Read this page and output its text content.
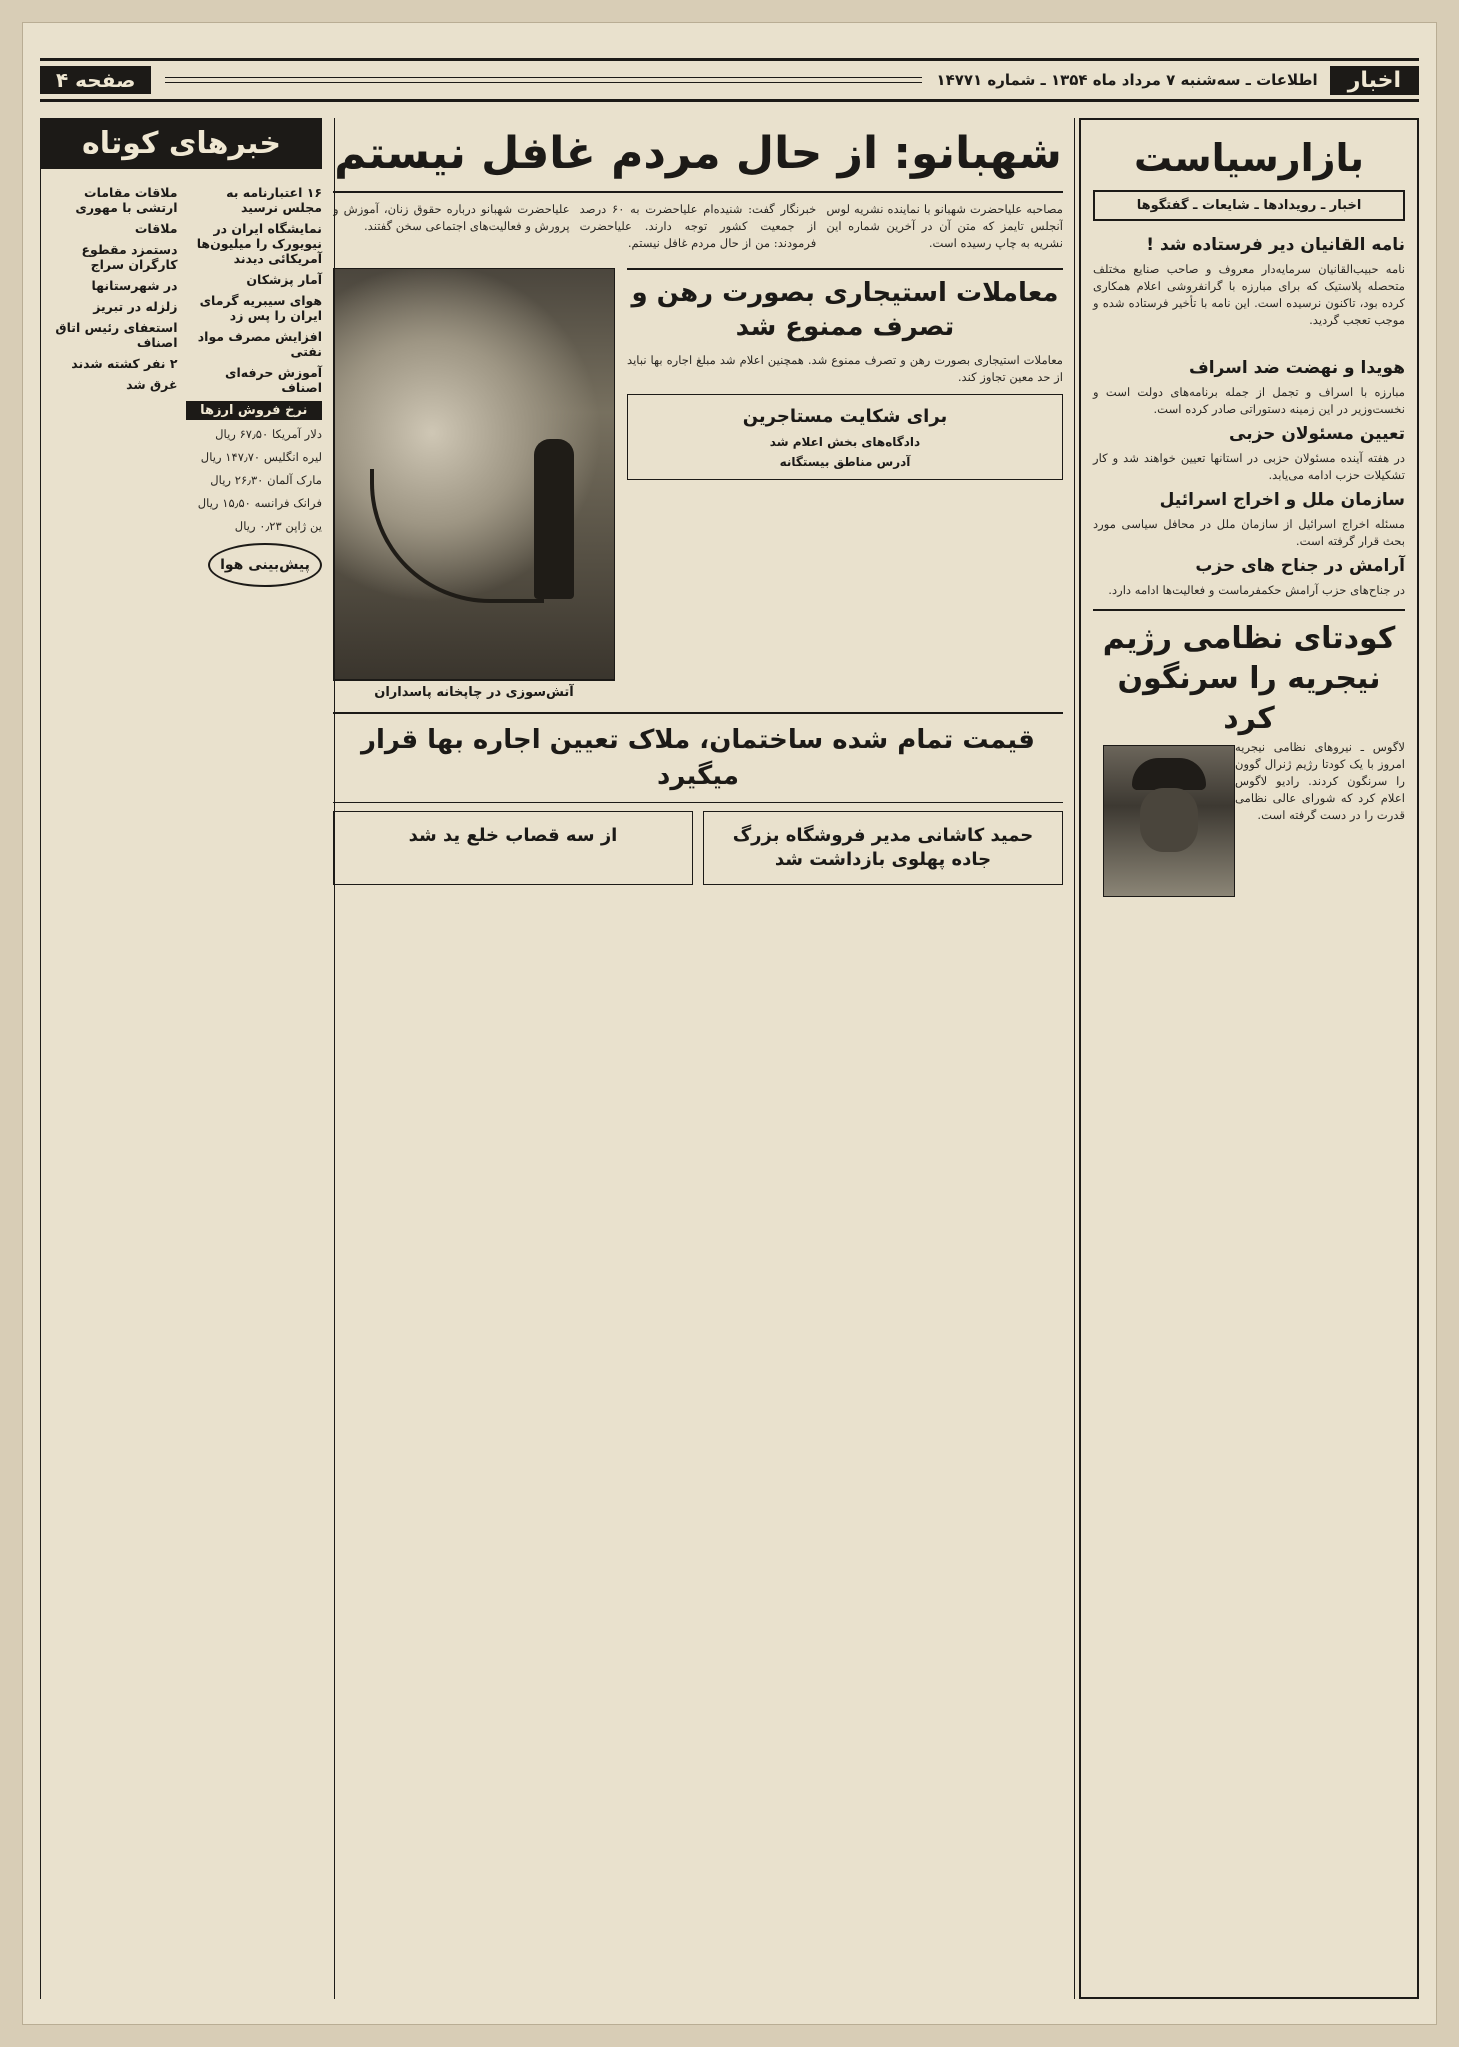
اخبار
اطلاعات ـ سه‌شنبه ۷ مرداد ماه ۱۳۵۴ ـ شماره ۱۴۷۷۱
صفحه ۴
بازارسیاست
اخبار ـ رویدادها ـ شایعات ـ گفتگوها
نامه القانیان دیر فرستاده شد !

نامه حبیب‌القانیان سرمایه‌دار معروف و صاحب صنایع مختلف متحصله پلاستیک که برای مبارزه با گرانفروشی اعلام همکاری کرده بود، تاکنون نرسیده است. این نامه با تأخیر فرستاده شده و موجب تعجب گردید.

هویدا و نهضت ضد اسراف

مبارزه با اسراف و تجمل از جمله برنامه‌های دولت است و نخست‌وزیر در این زمینه دستوراتی صادر کرده است.

تعیین مسئولان حزبی

در هفته آینده مسئولان حزبی در استانها تعیین خواهند شد و کار تشکیلات حزب ادامه می‌یابد.

سازمان ملل و اخراج اسرائیل

مسئله اخراج اسرائیل از سازمان ملل در محافل سیاسی مورد بحث قرار گرفته است.

آرامش در جناح های حزب

در جناح‌های حزب آرامش حکمفرماست و فعالیت‌ها ادامه دارد.

کودتای نظامی رژیم نیجریه را سرنگون کرد

لاگوس ـ نیروهای نظامی نیجریه امروز با یک کودتا رژیم ژنرال گوون را سرنگون کردند. رادیو لاگوس اعلام کرد که شورای عالی نظامی قدرت را در دست گرفته است.

شهبانو: از حال مردم غافل نیستم

مصاحبه علیاحضرت شهبانو با نماینده نشریه لوس آنجلس تایمز که متن آن در آخرین شماره این نشریه به چاپ رسیده است.

خبرنگار گفت: شنیده‌ام علیاحضرت به ۶۰ درصد از جمعیت کشور توجه دارند. علیاحضرت فرمودند: من از حال مردم غافل نیستم.

علیاحضرت شهبانو درباره حقوق زنان، آموزش و پرورش و فعالیت‌های اجتماعی سخن گفتند.

معاملات استیجاری بصورت رهن و تصرف ممنوع شد

معاملات استیجاری بصورت رهن و تصرف ممنوع شد. همچنین اعلام شد مبلغ اجاره بها نباید از حد معین تجاوز کند.

برای شکایت مستاجرین
دادگاه‌های بخش اعلام شد
آدرس مناطق بیستگانه
آتش‌سوزی در چاپخانه پاسداران
قیمت تمام شده ساختمان، ملاک تعیین اجاره بها قرار میگیرد
حمید کاشانی مدیر فروشگاه بزرگ جاده پهلوی بازداشت شد
از سه قصاب خلع ید شد
خبرهای کوتاه
۱۶ اعتبارنامه به مجلس نرسید
نمایشگاه ایران در نیویورک را میلیون‌ها آمریکائی دیدند
آمار پزشکان
هوای سیبریه گرمای ایران را پس زد
افزایش مصرف مواد نفتی
آموزش حرفه‌ای اصناف
نرخ فروش ارزها

دلار آمریکا ۶۷٫۵۰ ریال

لیره انگلیس ۱۴۷٫۷۰ ریال

مارک آلمان ۲۶٫۳۰ ریال

فرانک فرانسه ۱۵٫۵۰ ریال

ین ژاپن ۰٫۲۳ ریال

پیش‌بینی هوا
ملاقات مقامات ارتشی با مهوری
ملاقات
دستمزد مقطوع کارگران سراج
در شهرستانها
زلزله در تبریز
استعفای رئیس اتاق اصناف
۲ نفر کشته شدند
غرق شد
